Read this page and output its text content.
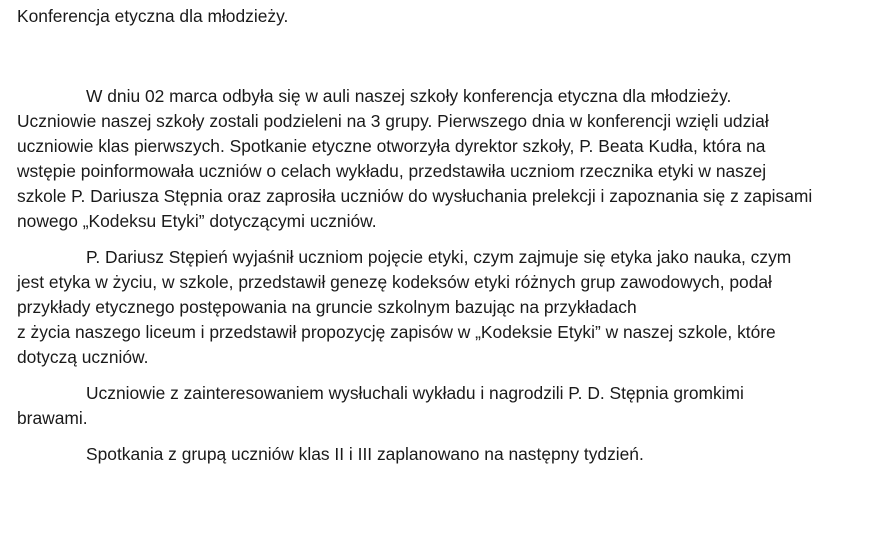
Konferencja etyczna dla młodzieży.

W dniu 02 marca odbyła się w auli naszej szkoły konferencja etyczna dla młodzieży.
Uczniowie naszej szkoły zostali podzieleni na 3 grupy. Pierwszego dnia w konferencji wzięli udział
uczniowie klas pierwszych. Spotkanie etyczne otworzyła dyrektor szkoły, P. Beata Kudła, która na
wstępie poinformowała uczniów o celach wykładu, przedstawiła uczniom rzecznika etyki w naszej
szkole P. Dariusza Stępnia oraz zaprosiła uczniów do wysłuchania prelekcji i zapoznania się z zapisami
nowego „Kodeksu Etyki” dotyczącymi uczniów.

P. Dariusz Stępień wyjaśnił uczniom pojęcie etyki, czym zajmuje się etyka jako nauka, czym
jest etyka w życiu, w szkole, przedstawił genezę kodeksów etyki różnych grup zawodowych, podał
przykłady etycznego postępowania na gruncie szkolnym bazując na przykładach
z życia naszego liceum i przedstawił propozycję zapisów w „Kodeksie Etyki” w naszej szkole, które
dotyczą uczniów.

Uczniowie z zainteresowaniem wysłuchali wykładu i nagrodzili P. D. Stępnia gromkimi
brawami.

Spotkania z grupą uczniów klas II i III zaplanowano na następny tydzień.
